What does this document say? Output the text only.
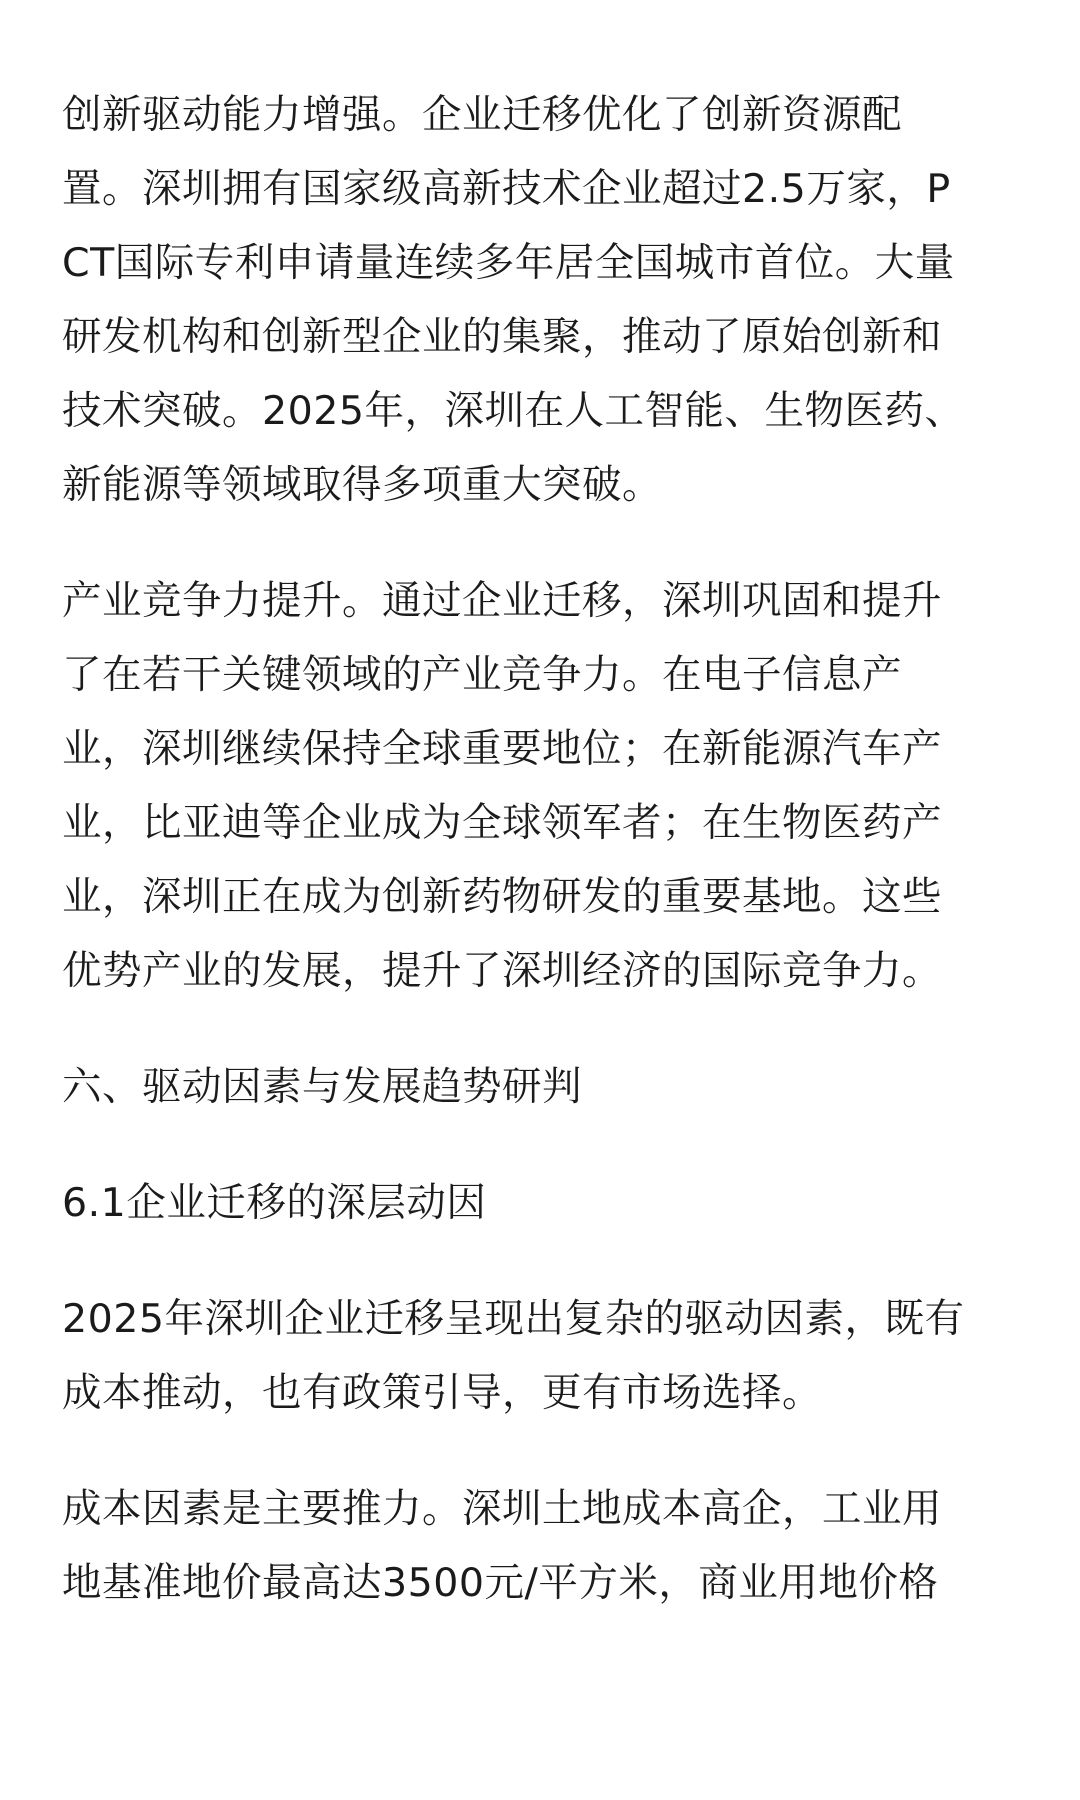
创新驱动能力增强。企业迁移优化了创新资源配
置。深圳拥有国家级高新技术企业超过2.5万家，P
CT国际专利申请量连续多年居全国城市首位。大量
研发机构和创新型企业的集聚，推动了原始创新和
技术突破。2025年，深圳在人工智能、生物医药、
新能源等领域取得多项重大突破。

产业竞争力提升。通过企业迁移，深圳巩固和提升
了在若干关键领域的产业竞争力。在电子信息产
业，深圳继续保持全球重要地位；在新能源汽车产
业，比亚迪等企业成为全球领军者；在生物医药产
业，深圳正在成为创新药物研发的重要基地。这些
优势产业的发展，提升了深圳经济的国际竞争力。

六、驱动因素与发展趋势研判
6.1企业迁移的深层动因

2025年深圳企业迁移呈现出复杂的驱动因素，既有
成本推动，也有政策引导，更有市场选择。

成本因素是主要推力。深圳土地成本高企，工业用
地基准地价最高达3500元/平方米，商业用地价格
